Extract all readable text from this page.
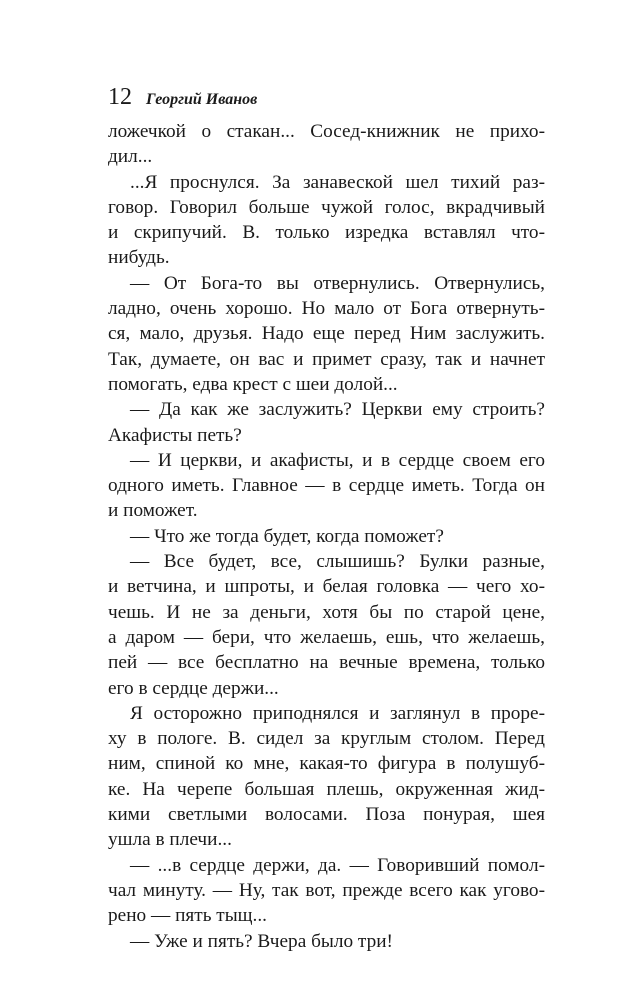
12 Георгий Иванов
ложечкой о стакан... Сосед-книжник не прихо-
дил...
...Я проснулся. За занавеской шел тихий раз-
говор. Говорил больше чужой голос, вкрадчивый
и скрипучий. В. только изредка вставлял что-
нибудь.
— От Бога-то вы отвернулись. Отвернулись,
ладно, очень хорошо. Но мало от Бога отвернуть-
ся, мало, друзья. Надо еще перед Ним заслужить.
Так, думаете, он вас и примет сразу, так и начнет
помогать, едва крест с шеи долой...
— Да как же заслужить? Церкви ему строить?
Акафисты петь?
— И церкви, и акафисты, и в сердце своем его
одного иметь. Главное — в сердце иметь. Тогда он
и поможет.
— Что же тогда будет, когда поможет?
— Все будет, все, слышишь? Булки разные,
и ветчина, и шпроты, и белая головка — чего хо-
чешь. И не за деньги, хотя бы по старой цене,
а даром — бери, что желаешь, ешь, что желаешь,
пей — все бесплатно на вечные времена, только
его в сердце держи...
Я осторожно приподнялся и заглянул в проре-
ху в пологе. В. сидел за круглым столом. Перед
ним, спиной ко мне, какая-то фигура в полушуб-
ке. На черепе большая плешь, окруженная жид-
кими светлыми волосами. Поза понурая, шея
ушла в плечи...
— ...в сердце держи, да. — Говоривший помол-
чал минуту. — Ну, так вот, прежде всего как угово-
рено — пять тыщ...
— Уже и пять? Вчера было три!
